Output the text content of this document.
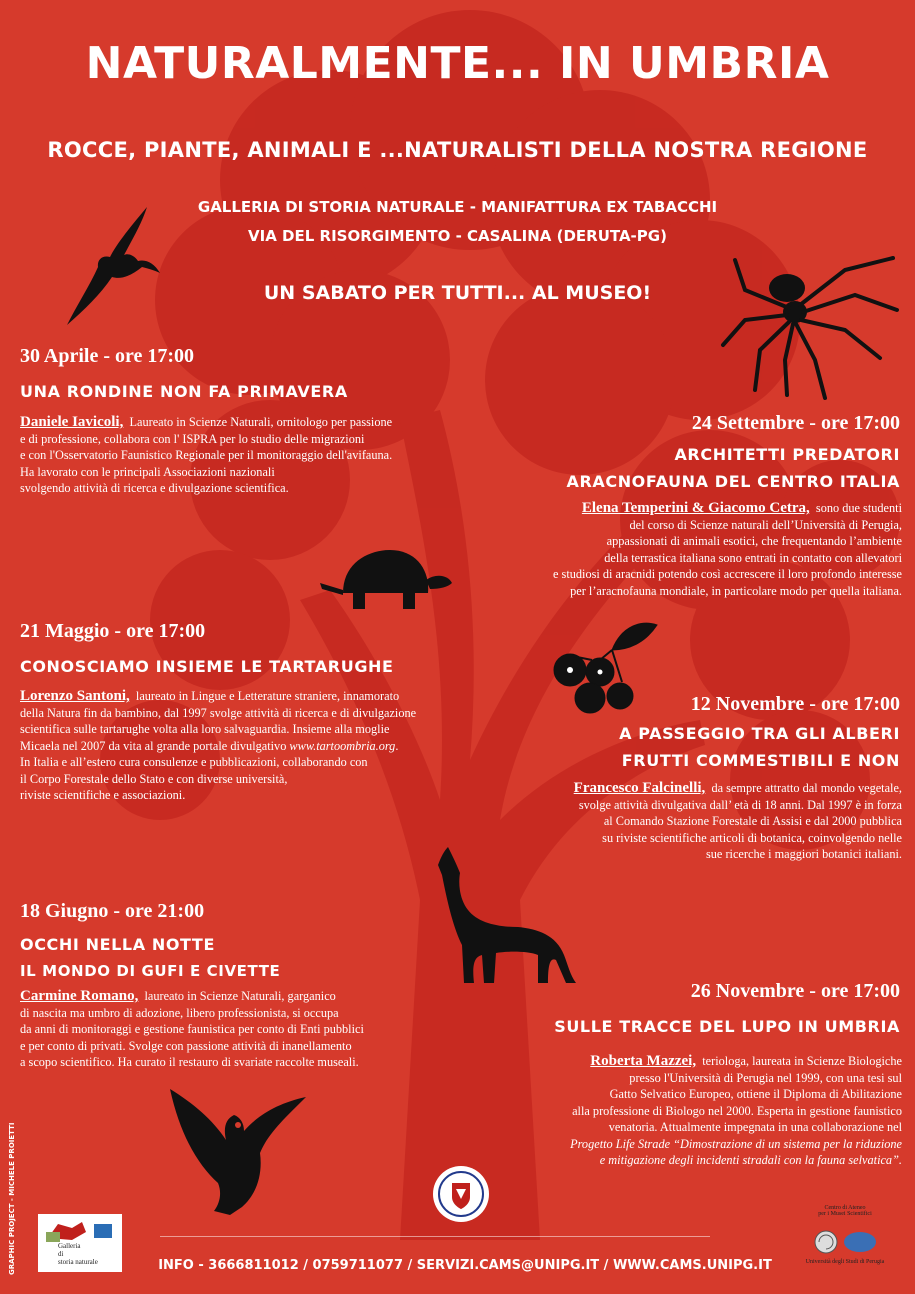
NATURALMENTE... IN UMBRIA
ROCCE, PIANTE, ANIMALI E ...NATURALISTI DELLA NOSTRA REGIONE
GALLERIA DI STORIA NATURALE - MANIFATTURA EX TABACCHI
VIA DEL RISORGIMENTO - CASALINA (DERUTA-PG)
UN SABATO PER TUTTI... AL MUSEO!
30 Aprile - ore 17:00
UNA RONDINE NON FA PRIMAVERA
Daniele Iavicoli, Laureato in Scienze Naturali, ornitologo per passione
e di professione, collabora con l' ISPRA per lo studio delle migrazioni
e con l'Osservatorio Faunistico Regionale per il monitoraggio dell'avifauna.
Ha lavorato con le principali Associazioni nazionali
svolgendo attività di ricerca e divulgazione scientifica.
24 Settembre - ore 17:00
ARCHITETTI PREDATORI
ARACNOFAUNA DEL CENTRO ITALIA
Elena Temperini & Giacomo Cetra, sono due studenti
del corso di Scienze naturali dell’Università di Perugia,
appassionati di animali esotici, che frequentando l’ambiente
della terrastica italiana sono entrati in contatto con allevatori
e studiosi di aracnidi potendo così accrescere il loro profondo interesse
per l’aracnofauna mondiale, in particolare modo per quella italiana.
21 Maggio - ore 17:00
CONOSCIAMO INSIEME LE TARTARUGHE
Lorenzo Santoni, laureato in Lingue e Letterature straniere, innamorato
della Natura fin da bambino, dal 1997 svolge attività di ricerca e di divulgazione
scientifica sulle tartarughe volta alla loro salvaguardia. Insieme alla moglie
Micaela nel 2007 da vita al grande portale divulgativo www.tartoombria.org.
In Italia e all’estero cura consulenze e pubblicazioni, collaborando con
il Corpo Forestale dello Stato e con diverse università,
riviste scientifiche e associazioni.
12 Novembre - ore 17:00
A PASSEGGIO TRA GLI ALBERI
FRUTTI COMMESTIBILI E NON
Francesco Falcinelli, da sempre attratto dal mondo vegetale,
svolge attività divulgativa dall’ età di 18 anni. Dal 1997 è in forza
al Comando Stazione Forestale di Assisi e dal 2000 pubblica
su riviste scientifiche articoli di botanica, coinvolgendo nelle
sue ricerche i maggiori botanici italiani.
18 Giugno - ore 21:00
OCCHI NELLA NOTTE
IL MONDO DI GUFI E CIVETTE
Carmine Romano, laureato in Scienze Naturali, garganico
di nascita ma umbro di adozione, libero professionista, si occupa
da anni di monitoraggi e gestione faunistica per conto di Enti pubblici
e per conto di privati. Svolge con passione attività di inanellamento
a scopo scientifico. Ha curato il restauro di svariate raccolte museali.
26 Novembre - ore 17:00
SULLE TRACCE DEL LUPO IN UMBRIA
Roberta Mazzei, teriologa, laureata in Scienze Biologiche
presso l'Università di Perugia nel 1999, con una tesi sul
Gatto Selvatico Europeo, ottiene il Diploma di Abilitazione
alla professione di Biologo nel 2000. Esperta in gestione faunistico
venatoria. Attualmente impegnata in una collaborazione nel
Progetto Life Strade “Dimostrazione di un sistema per la riduzione
e mitigazione degli incidenti stradali con la fauna selvatica”.
Galleria
di
storia naturale
Centro di Ateneo
per i Musei Scientifici
Università degli Studi di Perugia
INFO - 3666811012 / 0759711077 / SERVIZI.CAMS@UNIPG.IT / WWW.CAMS.UNIPG.IT
GRAPHIC PROJECT - MICHELE PROIETTI
